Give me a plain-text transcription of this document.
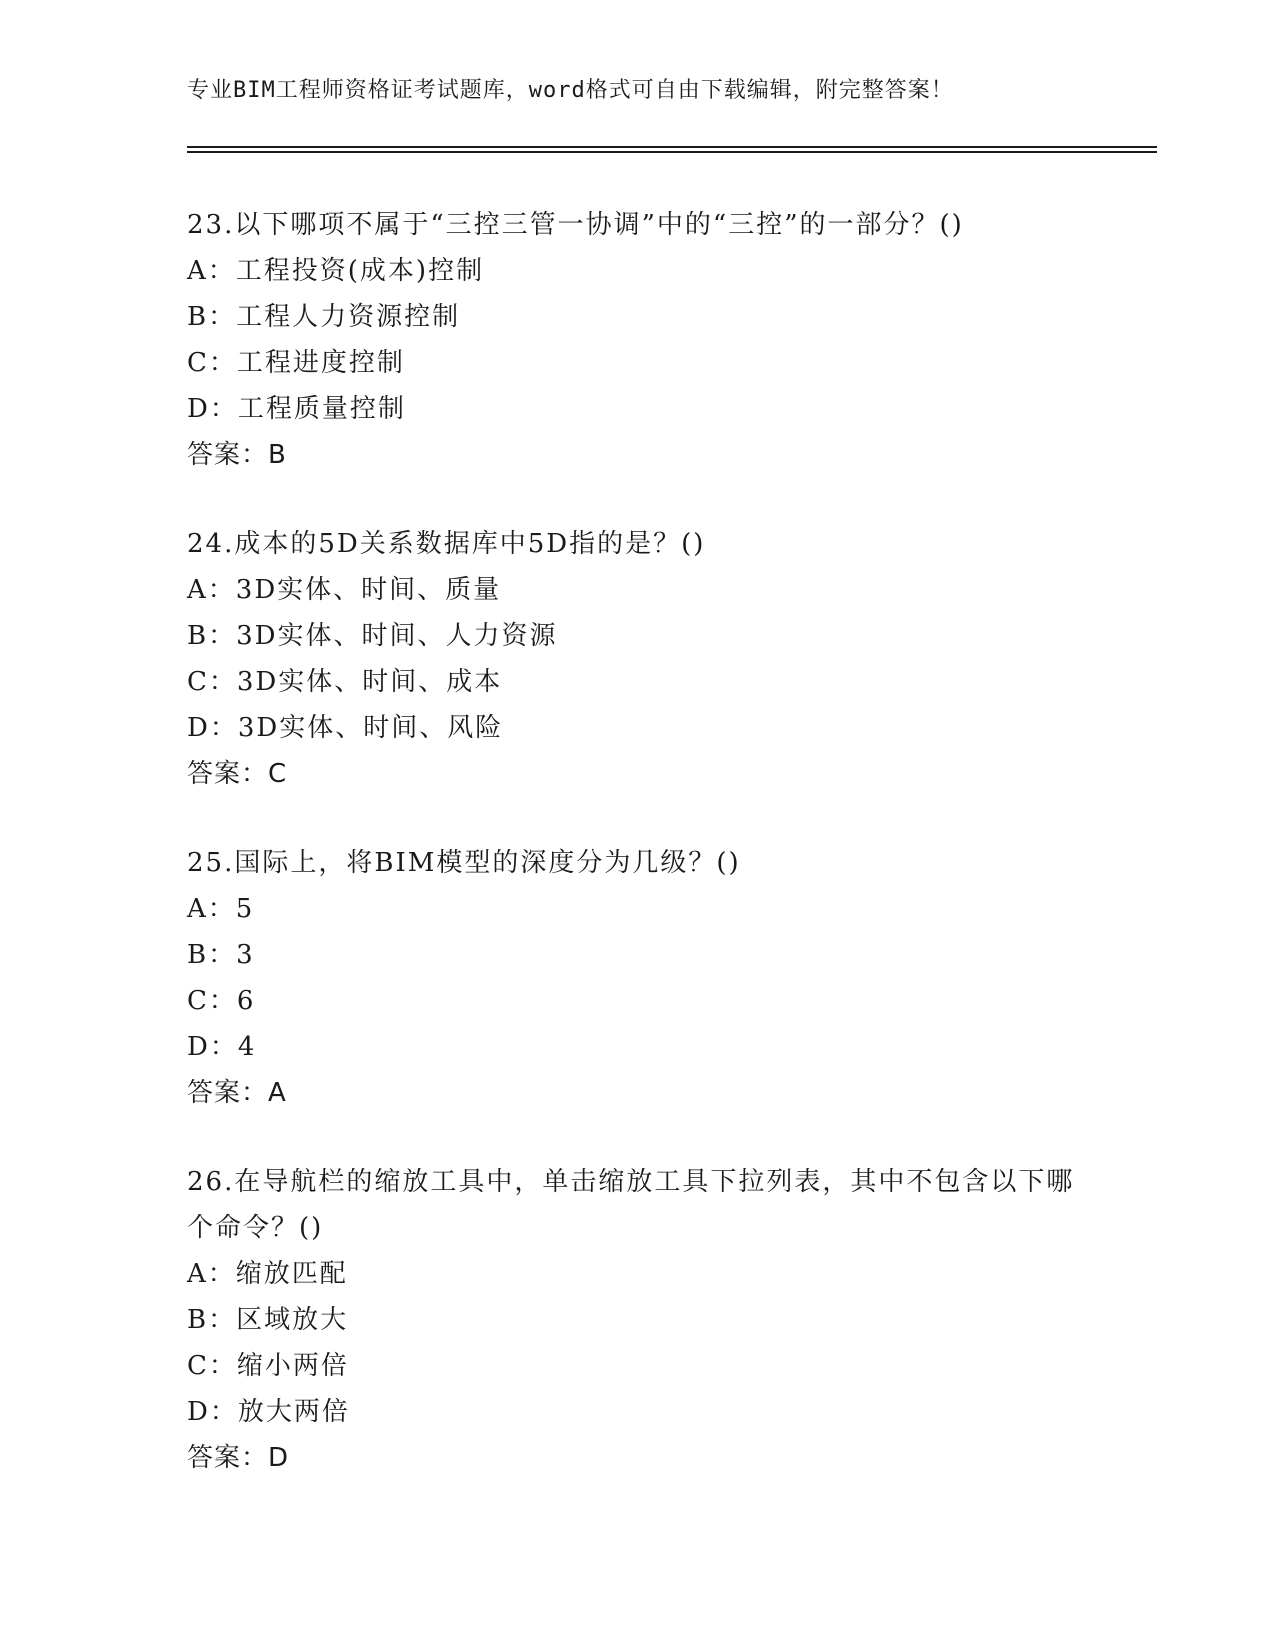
专业BIM工程师资格证考试题库，word格式可自由下载编辑，附完整答案！
23.以下哪项不属于“三控三管一协调”中的“三控”的一部分？()
A：工程投资(成本)控制
B：工程人力资源控制
C：工程进度控制
D：工程质量控制
答案：B
24.成本的5D关系数据库中5D指的是？()
A：3D实体、时间、质量
B：3D实体、时间、人力资源
C：3D实体、时间、成本
D：3D实体、时间、风险
答案：C
25.国际上，将BIM模型的深度分为几级？()
A：5
B：3
C：6
D：4
答案：A
26.在导航栏的缩放工具中，单击缩放工具下拉列表，其中不包含以下哪个命令？()
A：缩放匹配
B：区域放大
C：缩小两倍
D：放大两倍
答案：D
